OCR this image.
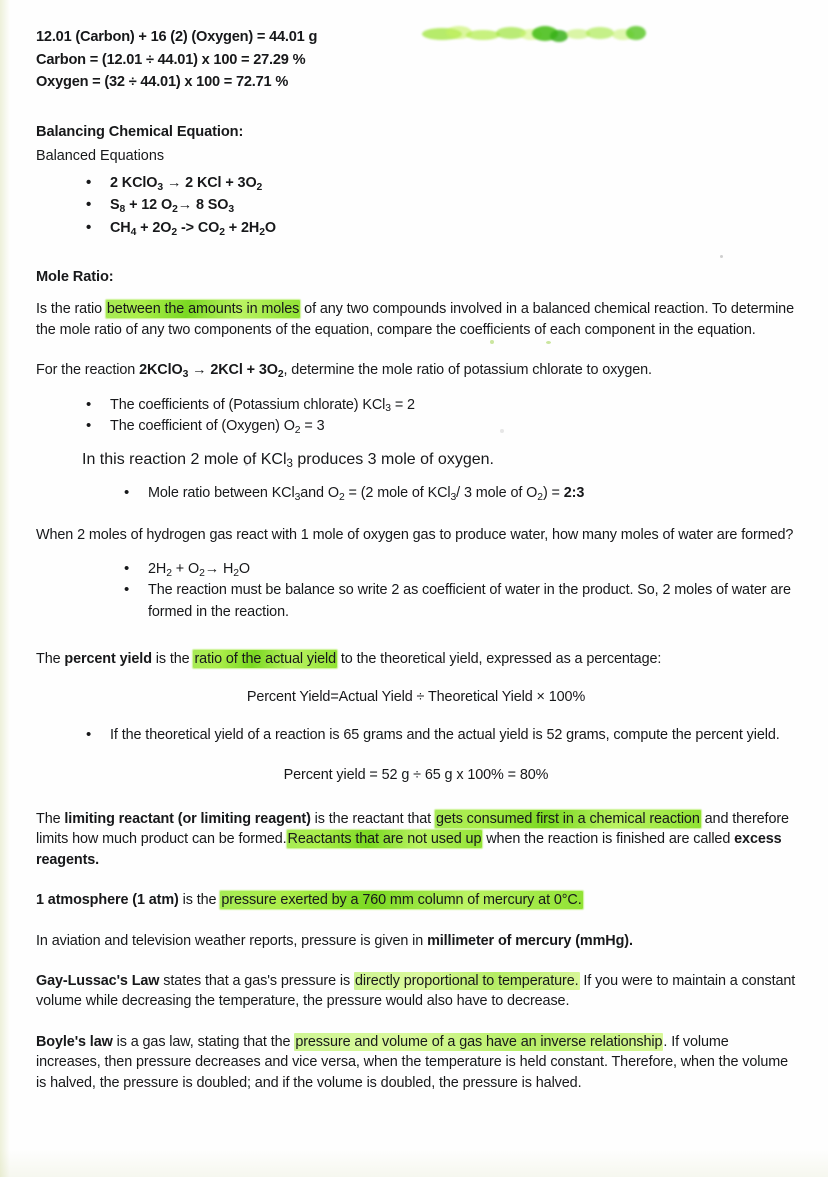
12.01 (Carbon) + 16 (2) (Oxygen) = 44.01 g
Carbon = (12.01 ÷ 44.01) x 100 = 27.29 %
Oxygen = (32 ÷ 44.01) x 100 = 72.71 %
Balancing Chemical Equation:
Balanced Equations
• 2 KClO$_3$ → 2 KCl + $3O_2$
• $S_8 + 12$ $O_2\to 8$ $SO_3$
• $CH_4 + 2O_2 -> CO_2 + 2H_2O$
Mole Ratio:

Is the ratio between the amounts in moles of any two compounds involved in a balanced chemical reaction. To determine the mole ratio of any two components of the equation, compare the coefficients of each component in the equation.

For the reaction 2KClO$_3$ → $2KCl + 3O_2$, determine the mole ratio of potassium chlorate to oxygen.

• The coefficients of (Potassium chlorate) KCl$_3$ = 2
• The coefficient of (Oxygen) $O_2 = 3$
In this reaction 2 mole of KCl$_3$ produces 3 mole of oxygen.
• Mole ratio between KCl$_3$and $O_2 = (2$ mole of KCl$_3$/ 3 mole of $O_2$) = 2:3

When 2 moles of hydrogen gas react with 1 mole of oxygen gas to produce water, how many moles of water are formed?

• $2H_2 + O_2\to H_2O$
• The reaction must be balance so write 2 as coefficient of water in the product. So, 2 moles of water are formed in the reaction.

The percent yield is the ratio of the actual yield to the theoretical yield, expressed as a percentage:

Percent Yield=Actual Yield ÷ Theoretical Yield × 100%
• If the theoretical yield of a reaction is 65 grams and the actual yield is 52 grams, compute the percent yield.
Percent yield = 52 g ÷ 65 g x 100% = 80%

The limiting reactant (or limiting reagent) is the reactant that gets consumed first in a chemical reaction and therefore limits how much product can be formed.Reactants that are not used up when the reaction is finished are called excess reagents.

1 atmosphere (1 atm) is the pressure exerted by a 760 mm column of mercury at 0°C.

In aviation and television weather reports, pressure is given in millimeter of mercury (mmHg).

Gay-Lussac's Law states that a gas's pressure is directly proportional to temperature. If you were to maintain a constant volume while decreasing the temperature, the pressure would also have to decrease.

Boyle's law is a gas law, stating that the pressure and volume of a gas have an inverse relationship. If volume increases, then pressure decreases and vice versa, when the temperature is held constant. Therefore, when the volume is halved, the pressure is doubled; and if the volume is doubled, the pressure is halved.
